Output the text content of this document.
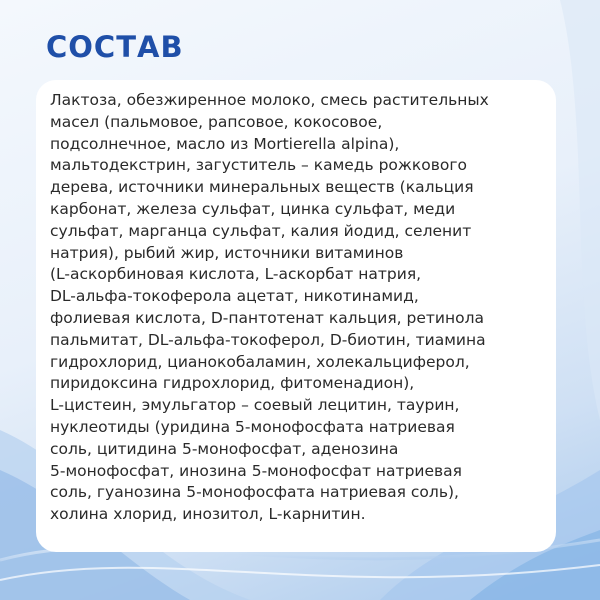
СОСТАВ

Лактоза, обезжиренное молоко, смесь растительных
масел (пальмовое, рапсовое, кокосовое,
подсолнечное, масло из Mortierella alpina),
мальтодекстрин, загуститель – камедь рожкового
дерева, источники минеральных веществ (кальция
карбонат, железа сульфат, цинка сульфат, меди
сульфат, марганца сульфат, калия йодид, селенит
натрия), рыбий жир, источники витаминов
(L-аскорбиновая кислота, L-аскорбат натрия,
DL-альфа-токоферола ацетат, никотинамид,
фолиевая кислота, D-пантотенат кальция, ретинола
пальмитат, DL-альфа-токоферол, D-биотин, тиамина
гидрохлорид, цианокобаламин, холекальциферол,
пиридоксина гидрохлорид, фитоменадион),
L-цистеин, эмульгатор – соевый лецитин, таурин,
нуклеотиды (уридина 5-монофосфата натриевая
соль, цитидина 5-монофосфат, аденозина
5-монофосфат, инозина 5-монофосфат натриевая
соль, гуанозина 5-монофосфата натриевая соль),
холина хлорид, инозитол, L-карнитин.
